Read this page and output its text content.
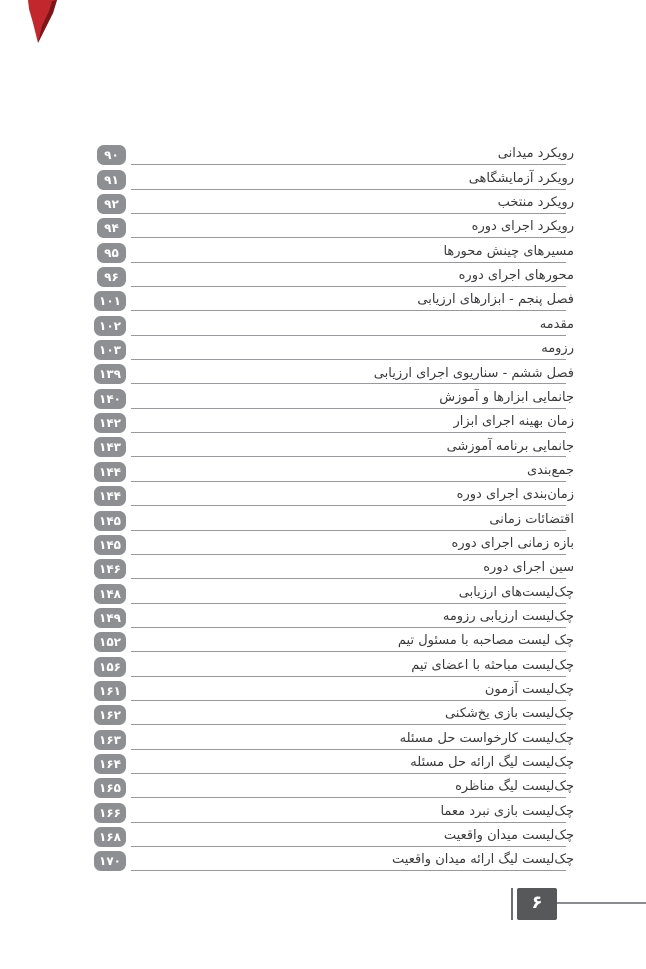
۹۰	رویکرد میدانی
۹۱	رویکرد آزمایشگاهی
۹۲	رویکرد منتخب
۹۴	رویکرد اجرای دوره
۹۵	مسیرهای چینش محورها
۹۶	محورهای اجرای دوره
۱۰۱	فصل پنجم - ابزارهای ارزیابی
۱۰۲	مقدمه
۱۰۳	رزومه
۱۳۹	فصل ششم - سناریوی اجرای ارزیابی
۱۴۰	جانمایی ابزارها و آموزش
۱۴۲	زمان بهینه اجرای ابزار
۱۴۳	جانمایی برنامه آموزشی
۱۴۴	جمع‌بندی
۱۴۴	زمان‌بندی اجرای دوره
۱۴۵	اقتضائات زمانی
۱۴۵	بازه زمانی اجرای دوره
۱۴۶	سین اجرای دوره
۱۴۸	چک‌لیست‌های ارزیابی
۱۴۹	چک‌لیست ارزیابی رزومه
۱۵۲	چک لیست مصاحبه با مسئول تیم
۱۵۶	چک‌لیست مباحثه با اعضای تیم
۱۶۱	چک‌لیست آزمون
۱۶۲	چک‌لیست بازی یخ‌شکنی
۱۶۳	چک‌لیست کارخواست حل مسئله
۱۶۴	چک‌لیست لیگ ارائه حل مسئله
۱۶۵	چک‌لیست لیگ مناظره
۱۶۶	چک‌لیست بازی نبرد معما
۱۶۸	چک‌لیست میدان واقعیت
۱۷۰	چک‌لیست لیگ ارائه میدان واقعیت
۶
